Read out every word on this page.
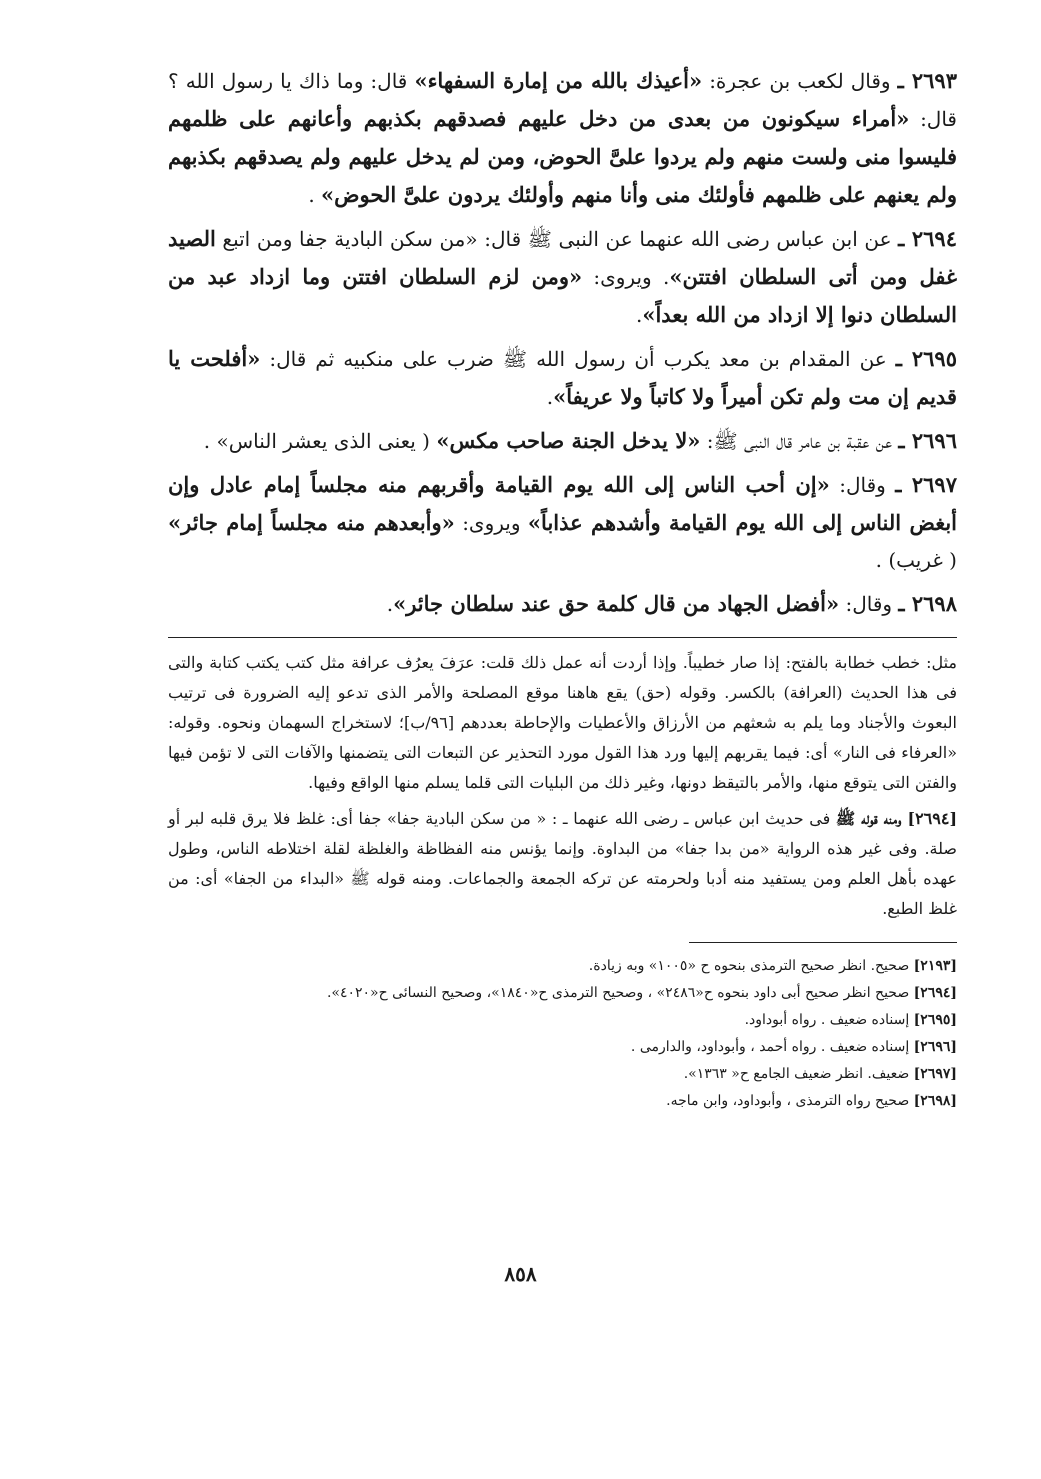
٢٦٩٣ ـ وقال لكعب بن عجرة: «أعيذك بالله من إمارة السفهاء» قال: وما ذاك يا رسول الله ؟ قال: «أمراء سيكونون من بعدى من دخل عليهم فصدقهم بكذبهم وأعانهم على ظلمهم فليسوا منى ولست منهم ولم يردوا علىَّ الحوض، ومن لم يدخل عليهم ولم يصدقهم بكذبهم ولم يعنهم على ظلمهم فأولئك منى وأنا منهم وأولئك يردون علىَّ الحوض» .

٢٦٩٤ ـ عن ابن عباس رضى الله عنهما عن النبى ﷺ قال: «من سكن البادية جفا ومن اتبع الصيد غفل ومن أتى السلطان افتتن». ويروى: «ومن لزم السلطان افتتن وما ازداد عبد من السلطان دنوا إلا ازداد من الله بعداً».

٢٦٩٥ ـ عن المقدام بن معد يكرب أن رسول الله ﷺ ضرب على منكبيه ثم قال: «أفلحت يا قديم إن مت ولم تكن أميراً ولا كاتباً ولا عريفاً».

٢٦٩٦ ـ عن عقبة بن عامر قال النبى ﷺ: «لا يدخل الجنة صاحب مكس» ( يعنى الذى يعشر الناس» .

٢٦٩٧ ـ وقال: «إن أحب الناس إلى الله يوم القيامة وأقربهم منه مجلساً إمام عادل وإن أبغض الناس إلى الله يوم القيامة وأشدهم عذاباً» ويروى: «وأبعدهم منه مجلساً إمام جائر» ( غريب) .

٢٦٩٨ ـ وقال: «أفضل الجهاد من قال كلمة حق عند سلطان جائر».

مثل: خطب خطابة بالفتح: إذا صار خطيباً. وإذا أردت أنه عمل ذلك قلت: عرَفَ يعرُف عرافة مثل كتب يكتب كتابة والتى فى هذا الحديث (العرافة) بالكسر. وقوله (حق) يقع هاهنا موقع المصلحة والأمر الذى تدعو إليه الضرورة فى ترتيب البعوث والأجناد وما يلم به شعثهم من الأرزاق والأعطيات والإحاطة بعددهم [٩٦/ب]؛ لاستخراج السهمان ونحوه. وقوله: «العرفاء فى النار» أى: فيما يقربهم إليها ورد هذا القول مورد التحذير عن التبعات التى يتضمنها والآفات التى لا تؤمن فيها والفتن التى يتوقع منها، والأمر بالتيقظ دونها، وغير ذلك من البليات التى قلما يسلم منها الواقع وفيها.

[٢٦٩٤] ومنه قوله ﷺ فى حديث ابن عباس ـ رضى الله عنهما ـ : « من سكن البادية جفا» جفا أى: غلظ فلا يرق قلبه لبر أو صلة. وفى غير هذه الرواية «من بدا جفا» من البداوة. وإنما يؤنس منه الفظاظة والغلظة لقلة اختلاطه الناس، وطول عهده بأهل العلم ومن يستفيد منه أدبا ولحرمته عن تركه الجمعة والجماعات. ومنه قوله ﷺ «البداء من الجفا» أى: من غلظ الطبع.

[٢١٩٣] صحيح. انظر صحيح الترمذى بنحوه ح «١٠٠٥» وبه زيادة.

[٢٦٩٤] صحيح انظر صحيح أبى داود بنحوه ح«٢٤٨٦» ، وصحيح الترمذى ح«١٨٤٠»، وصحيح النسائى ح«٤٠٢٠».

[٢٦٩٥] إسناده ضعيف . رواه أبوداود.

[٢٦٩٦] إسناده ضعيف . رواه أحمد ، وأبوداود، والدارمى .

[٢٦٩٧] ضعيف. انظر ضعيف الجامع ح« ١٣٦٣».

[٢٦٩٨] صحيح رواه الترمذى ، وأبوداود، وابن ماجه.

٨٥٨
